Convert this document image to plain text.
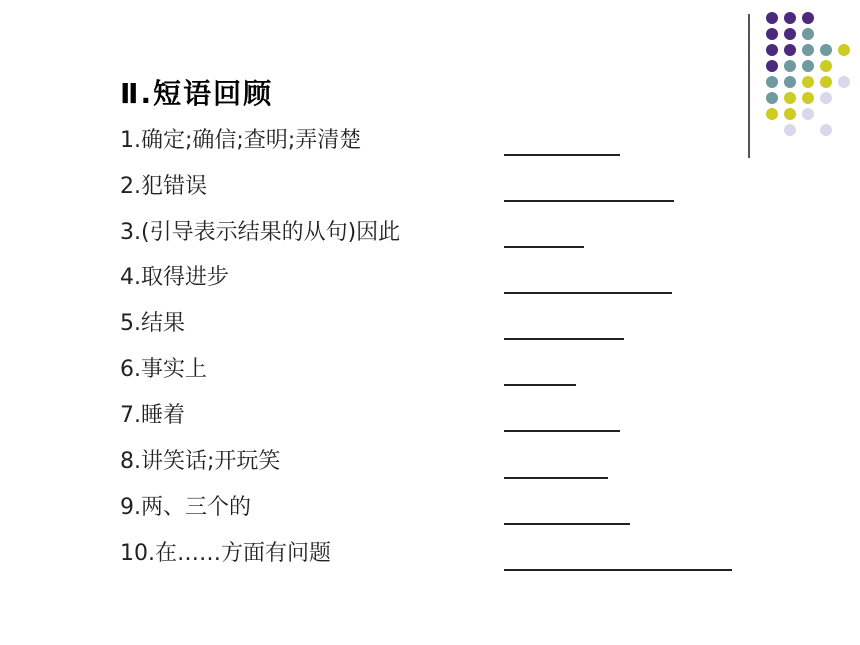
Ⅱ.短语回顾
1.确定;确信;查明;弄清楚
2.犯错误
3.(引导表示结果的从句)因此
4.取得进步
5.结果
6.事实上
7.睡着
8.讲笑话;开玩笑
9.两、三个的
10.在……方面有问题
